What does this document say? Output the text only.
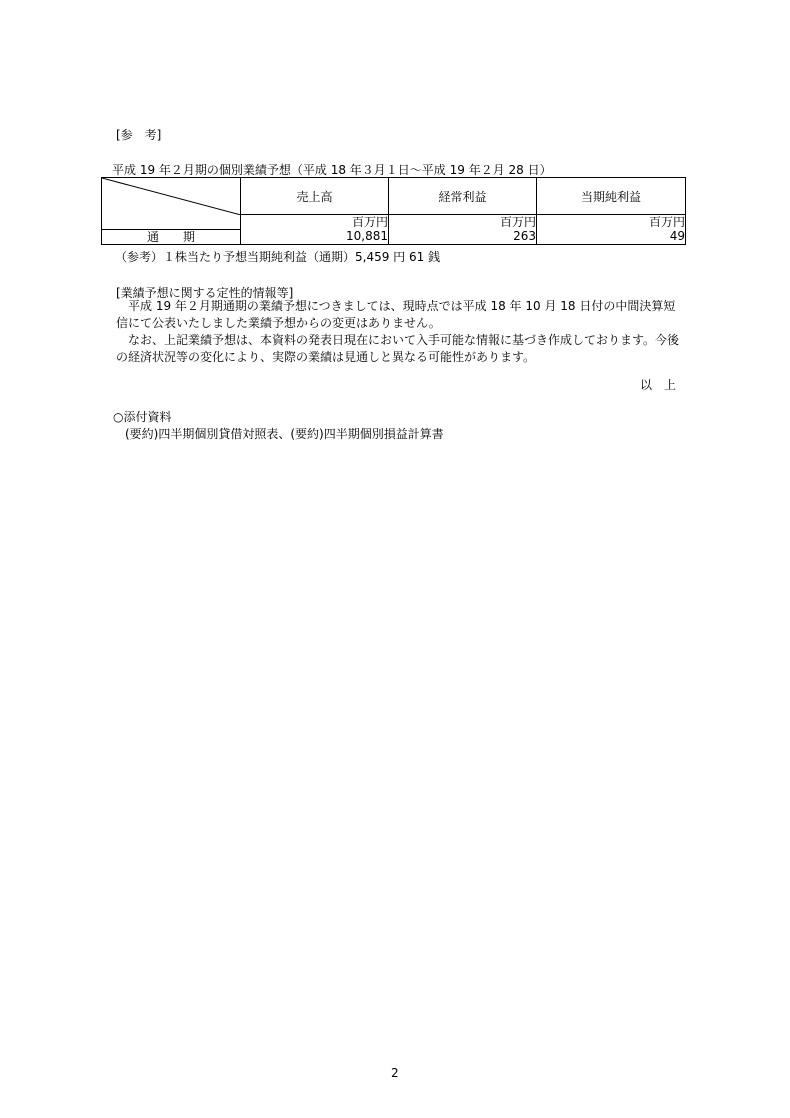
[参　考]
平成 19 年２月期の個別業績予想（平成 18 年３月１日～平成 19 年２月 28 日）
	売上高	経常利益	当期純利益
	百万円	百万円	百万円
通　　期	10,881	263	49
（参考）１株当たり予想当期純利益（通期）5,459 円 61 銭
[業績予想に関する定性的情報等]
平成 19 年２月期通期の業績予想につきましては、現時点では平成 18 年 10 月 18 日付の中間決算短信にて公表いたしました業績予想からの変更はありません。
なお、上記業績予想は、本資料の発表日現在において入手可能な情報に基づき作成しております。今後の経済状況等の変化により、実際の業績は見通しと異なる可能性があります。
以　上
○添付資料
(要約)四半期個別貸借対照表、(要約)四半期個別損益計算書
2
